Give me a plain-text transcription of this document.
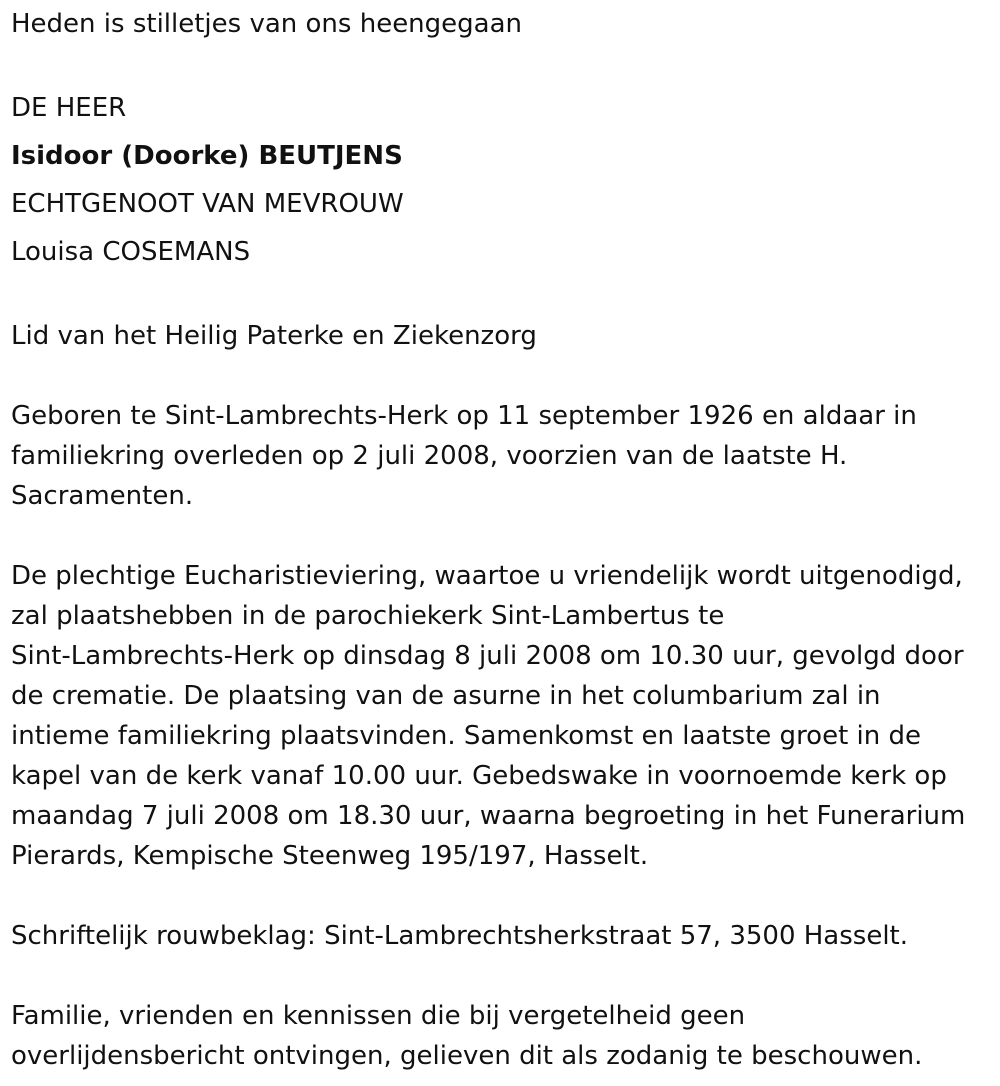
Heden is stilletjes van ons heengegaan

DE HEER

Isidoor (Doorke) BEUTJENS

ECHTGENOOT VAN MEVROUW

Louisa COSEMANS

Lid van het Heilig Paterke en Ziekenzorg

Geboren te Sint-Lambrechts-Herk op 11 september 1926 en aldaar in

familiekring overleden op 2 juli 2008, voorzien van de laatste H.

Sacramenten.

De plechtige Eucharistieviering, waartoe u vriendelijk wordt uitgenodigd,

zal plaatshebben in de parochiekerk Sint-Lambertus te

Sint-Lambrechts-Herk op dinsdag 8 juli 2008 om 10.30 uur, gevolgd door

de crematie. De plaatsing van de asurne in het columbarium zal in

intieme familiekring plaatsvinden. Samenkomst en laatste groet in de

kapel van de kerk vanaf 10.00 uur. Gebedswake in voornoemde kerk op

maandag 7 juli 2008 om 18.30 uur, waarna begroeting in het Funerarium

Pierards, Kempische Steenweg 195/197, Hasselt.

Schriftelijk rouwbeklag: Sint-Lambrechtsherkstraat 57, 3500 Hasselt.

Familie, vrienden en kennissen die bij vergetelheid geen

overlijdensbericht ontvingen, gelieven dit als zodanig te beschouwen.
